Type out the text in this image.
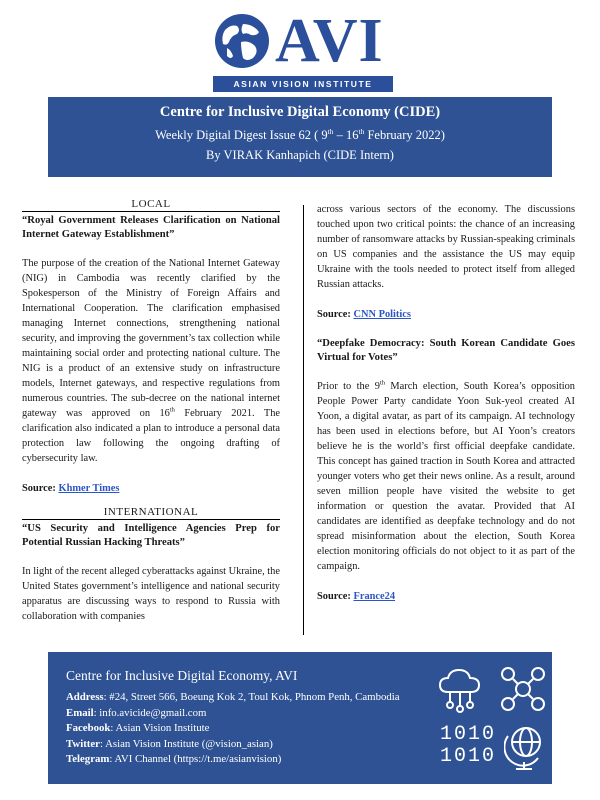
AVI
ASIAN VISION INSTITUTE
Centre for Inclusive Digital Economy (CIDE)
Weekly Digital Digest Issue 62 ( 9th – 16th February 2022)
By VIRAK Kanhapich (CIDE Intern)
LOCAL
“Royal Government Releases Clarification on National Internet Gateway Establishment”
The purpose of the creation of the National Internet Gateway (NIG) in Cambodia was recently clarified by the Spokesperson of the Ministry of Foreign Affairs and International Cooperation. The clarification emphasised managing Internet connections, strengthening national security, and improving the government’s tax collection while maintaining social order and protecting national culture. The NIG is a product of an extensive study on infrastructure models, Internet gateways, and respective regulations from numerous countries. The sub-decree on the national internet gateway was approved on 16th February 2021. The clarification also indicated a plan to introduce a personal data protection law following the ongoing drafting of cybersecurity law.
Source: Khmer Times
INTERNATIONAL
“US Security and Intelligence Agencies Prep for Potential Russian Hacking Threats”
In light of the recent alleged cyberattacks against Ukraine, the United States government’s intelligence and national security apparatus are discussing ways to respond to Russia with collaboration with companies
across various sectors of the economy. The discussions touched upon two critical points: the chance of an increasing number of ransomware attacks by Russian-speaking criminals on US companies and the assistance the US may equip Ukraine with the tools needed to protect itself from alleged Russian attacks.
Source: CNN Politics
“Deepfake Democracy: South Korean Candidate Goes Virtual for Votes”
Prior to the 9th March election, South Korea’s opposition People Power Party candidate Yoon Suk-yeol created AI Yoon, a digital avatar, as part of its campaign. AI technology has been used in elections before, but AI Yoon’s creators believe he is the world’s first official deepfake candidate. This concept has gained traction in South Korea and attracted younger voters who get their news online. As a result, around seven million people have visited the website to get information or question the avatar. Provided that AI candidates are identified as deepfake technology and do not spread misinformation about the election, South Korea election monitoring officials do not object to it as part of the campaign.
Source: France24
Centre for Inclusive Digital Economy, AVI
Address: #24, Street 566, Boeung Kok 2, Toul Kok, Phnom Penh, Cambodia
Email: info.avicide@gmail.com
Facebook: Asian Vision Institute
Twitter: Asian Vision Institute (@vision_asian)
Telegram: AVI Channel (https://t.me/asianvision)
1010
1010
